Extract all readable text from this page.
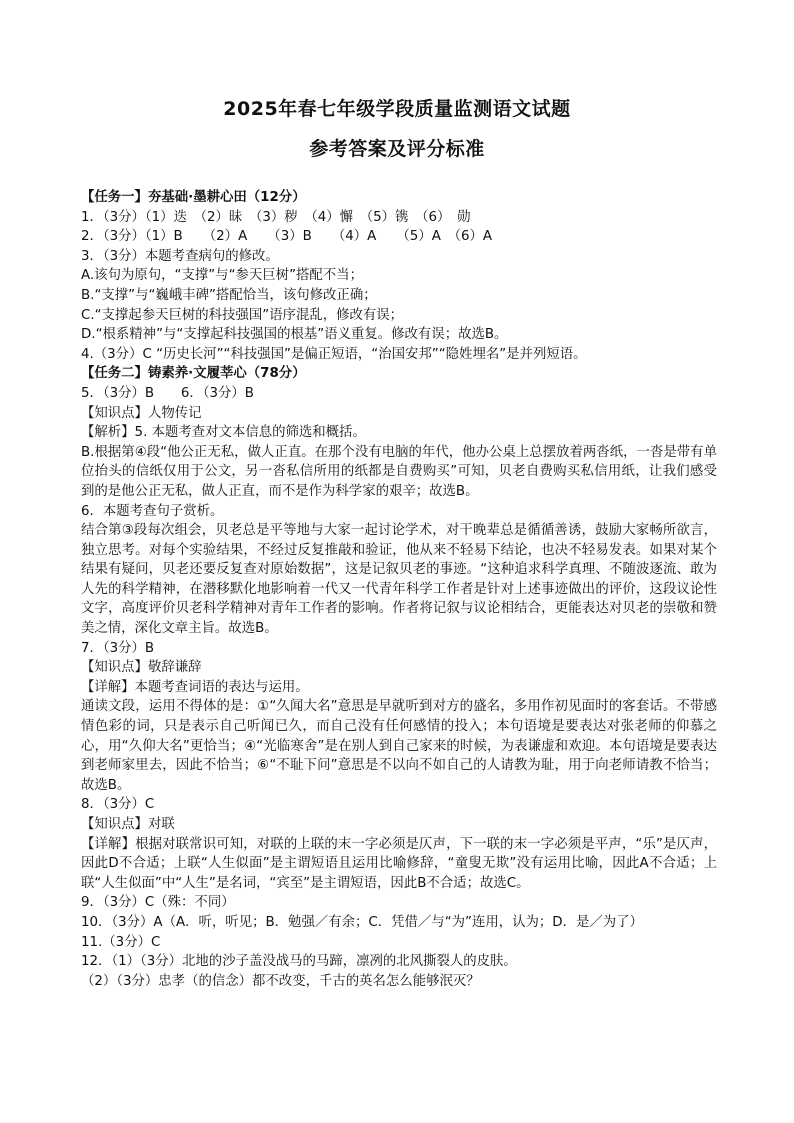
2025年春七年级学段质量监测语文试题
参考答案及评分标准

【任务一】夯基础·墨耕心田（12分）

1．（3分）（1）迭　（2）昧　（3）秽　（4）懈　（5）镌　（6）　勋

2．（3分）（1）B　　（2）A　　（3）B　　（4）A　　（5）A　（6）A

3．（3分）本题考查病句的修改。

A.该句为原句，“支撑”与“参天巨树”搭配不当；

B.“支撑”与“巍峨丰碑”搭配恰当，该句修改正确；

C.“支撑起参天巨树的科技强国”语序混乱，修改有误；

D.“根系精神”与“支撑起科技强国的根基”语义重复。修改有误；故选B。

4.（3分）C “历史长河”“科技强国”是偏正短语，“治国安邦”“隐姓埋名”是并列短语。

【任务二】铸素养·文履莘心（78分）

5．（3分）B　　6．（3分）B

【知识点】人物传记

【解析】5. 本题考查对文本信息的筛选和概括。

B.根据第④段“他公正无私，做人正直。在那个没有电脑的年代，他办公桌上总摆放着两沓纸，一沓是带有单位抬头的信纸仅用于公文，另一沓私信所用的纸都是自费购买”可知，贝老自费购买私信用纸，让我们感受到的是他公正无私，做人正直，而不是作为科学家的艰辛；故选B。

6．本题考查句子赏析。

结合第③段每次组会，贝老总是平等地与大家一起讨论学术，对干晚辈总是循循善诱，鼓励大家畅所欲言，独立思考。对每个实验结果，不经过反复推敲和验证，他从来不轻易下结论，也决不轻易发表。如果对某个结果有疑问，贝老还要反复查对原始数据”，这是记叙贝老的事迹。“这种追求科学真理、不随波逐流、敢为人先的科学精神，在潜移默化地影响着一代又一代青年科学工作者是针对上述事迹做出的评价，这段议论性文字，高度评价贝老科学精神对青年工作者的影响。作者将记叙与议论相结合，更能表达对贝老的崇敬和赞美之情，深化文章主旨。故选B。

7．（3分）B

【知识点】敬辞谦辞

【详解】本题考查词语的表达与运用。

通读文段，运用不得体的是：①“久闻大名”意思是早就听到对方的盛名，多用作初见面时的客套话。不带感情色彩的词，只是表示自己听闻已久，而自己没有任何感情的投入；本句语境是要表达对张老师的仰慕之心，用“久仰大名”更恰当；④“光临寒舍”是在别人到自己家来的时候，为表谦虚和欢迎。本句语境是要表达到老师家里去，因此不恰当；⑥“不耻下问”意思是不以向不如自己的人请教为耻，用于向老师请教不恰当；故选B。

8．（3分）C

【知识点】对联

【详解】根据对联常识可知，对联的上联的末一字必须是仄声，下一联的末一字必须是平声，“乐”是仄声，因此D不合适；上联“人生似面”是主谓短语且运用比喻修辞，“童叟无欺”没有运用比喻，因此A不合适；上联“人生似面”中“人生”是名词，“宾至”是主谓短语，因此B不合适；故选C。

9．（3分）C（殊：不同）

10．（3分）A（A．听，听见；B．勉强／有余；C．凭借／与“为”连用，认为；D．是／为了）

11.（3分）C

12．（1）（3分）北地的沙子盖没战马的马蹄，凛冽的北风撕裂人的皮肤。

（2）（3分）忠孝（的信念）都不改变，千古的英名怎么能够泯灭？
